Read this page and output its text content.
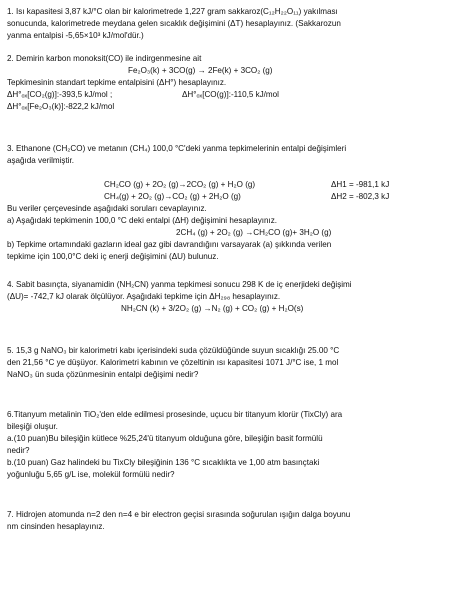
1. Isı kapasitesi 3,87 kJ/°C olan bir kalorimetrede 1,227 gram sakkaroz(C₁₂H₂₂O₁₁) yakılması
sonucunda, kalorimetrede meydana gelen sıcaklık değişimini (ΔT) hesaplayınız. (Sakkarozun
yanma entalpisi -5,65×10³ kJ/mol'dür.)
2. Demirin karbon monoksit(CO) ile indirgenmesine ait
Fe₂O₃(k) + 3CO(g) → 2Fe(k) + 3CO₂ (g)
Tepkimesinin standart tepkime entalpisini (ΔH°) hesaplayınız.
ΔH°ₒₓ[CO₂(g)]:-393,5 kJ/mol ;	ΔH°ₒₓ[CO(g)]:-110,5 kJ/mol
ΔH°ₒₓ[Fe₂O₃(k)]:-822,2 kJ/mol
3. Ethanone (CH₂CO) ve metanın (CH₄) 100,0 °C'deki yanma tepkimelerinin entalpi değişimleri
aşağıda verilmiştir.
CH₂CO (g) + 2O₂ (g)→2CO₂ (g) + H₂O (g)	ΔH1 = -981,1 kJ
CH₄(g) + 2O₂ (g)→CO₂ (g) + 2H₂O (g)	ΔH2 = -802,3 kJ
Bu veriler çerçevesinde aşağıdaki soruları cevaplayınız.
a) Aşağıdaki tepkimenin 100,0 °C deki entalpi (ΔH) değişimini hesaplayınız.
2CH₄ (g) + 2O₂ (g) →CH₂CO (g)+ 3H₂O (g)
b) Tepkime ortamındaki gazların ideal gaz gibi davrandığını varsayarak (a) şıkkında verilen
tepkime için 100,0°C deki iç enerji değişimini (ΔU) bulunuz.
4. Sabit basınçta, siyanamidin (NH₂CN) yanma tepkimesi sonucu 298 K de iç enerjideki değişimi
(ΔU)= -742,7 kJ olarak ölçülüyor. Aşağıdaki tepkime için ΔH₂₉₈ hesaplayınız.
NH₂CN (k) + 3/2O₂ (g) →N₂ (g) + CO₂ (g) + H₂O(s)
5. 15,3 g NaNO₃ bir kalorimetri kabı içerisindeki suda çözüldüğünde suyun sıcaklığı 25.00 °C
den 21,56 °C ye düşüyor. Kalorimetri kabının ve çözeltinin ısı kapasitesi 1071 J/°C ise, 1 mol
NaNO₃ ün suda çözünmesinin entalpi değişimi nedir?
6.Titanyum metalinin TiO₂'den elde edilmesi prosesinde, uçucu bir titanyum klorür (TixCly) ara
bileşiği oluşur.
a.(10 puan)Bu bileşiğin kütlece %25,24'ü titanyum olduğuna göre, bileşiğin basit formülü
nedir?
b.(10 puan) Gaz halindeki bu TixCly bileşiğinin 136 °C sıcaklıkta ve 1,00 atm basınçtaki
yoğunluğu 5,65 g/L ise, molekül formülü nedir?
7. Hidrojen atomunda n=2 den n=4 e bir electron geçisi sırasında soğurulan ışığın dalga boyunu
nm cinsinden hesaplayınız.
